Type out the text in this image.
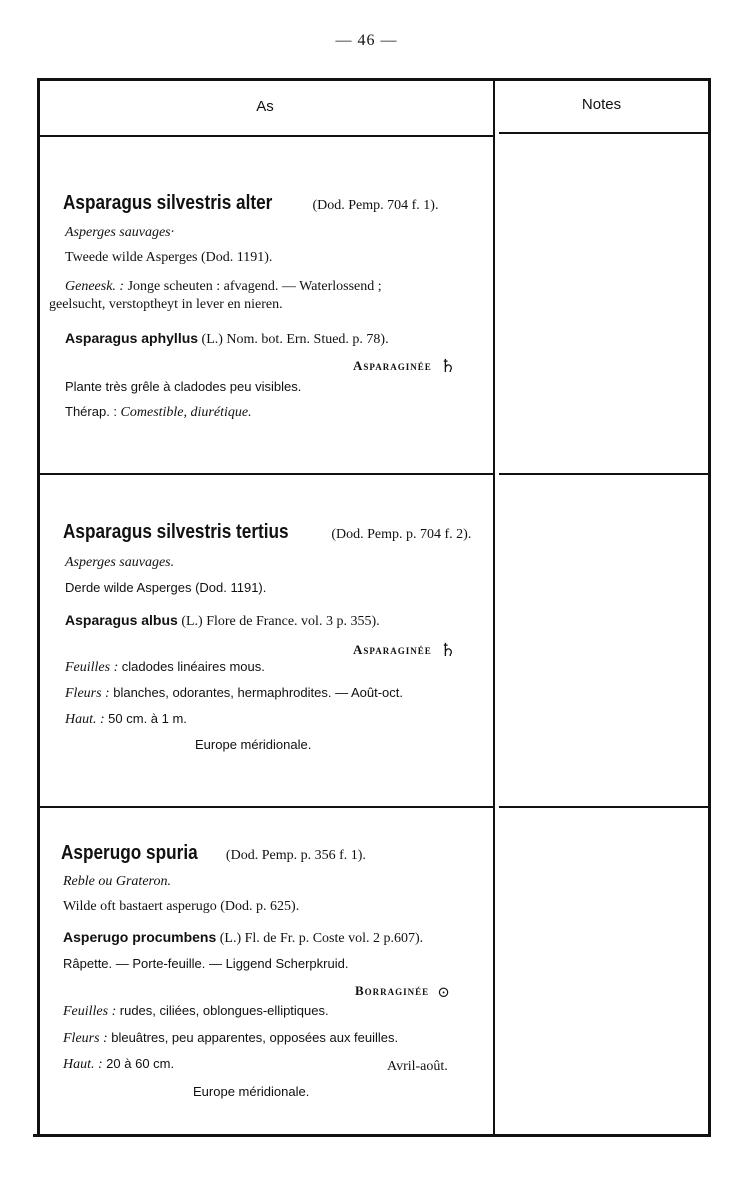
— 46 —
As	Notes
Asparagus silvestris alter	(Dod. Pemp. 704 f. 1).
Asperges sauvages·
Tweede wilde Asperges (Dod. 1191).
Geneesk. : Jonge scheuten : afvagend. — Waterlossend ;
geelsucht, verstoptheyt in lever en nieren.
Asparagus aphyllus (L.) Nom. bot. Ern. Stued. p. 78).
Asparaginée ♄
Plante très grêle à cladodes peu visibles.
Thérap. : Comestible, diurétique.
Asparagus silvestris tertius	(Dod. Pemp. p. 704 f. 2).
Asperges sauvages.
Derde wilde Asperges (Dod. 1191).
Asparagus albus (L.) Flore de France. vol. 3 p. 355).
Asparaginée ♄
Feuilles : cladodes linéaires mous.
Fleurs : blanches, odorantes, hermaphrodites. — Août-oct.
Haut. : 50 cm. à 1 m.
Europe méridionale.
Asperugo spuria (Dod. Pemp. p. 356 f. 1).
Reble ou Grateron.
Wilde oft bastaert asperugo (Dod. p. 625).
Asperugo procumbens (L.) Fl. de Fr. p. Coste vol. 2 p.607).
Râpette. — Porte-feuille. — Liggend Scherpkruid.
Borraginée ⊙
Feuilles : rudes, ciliées, oblongues-elliptiques.
Fleurs : bleuâtres, peu apparentes, opposées aux feuilles.
Haut. : 20 à 60 cm.	Avril-août.
Europe méridionale.
